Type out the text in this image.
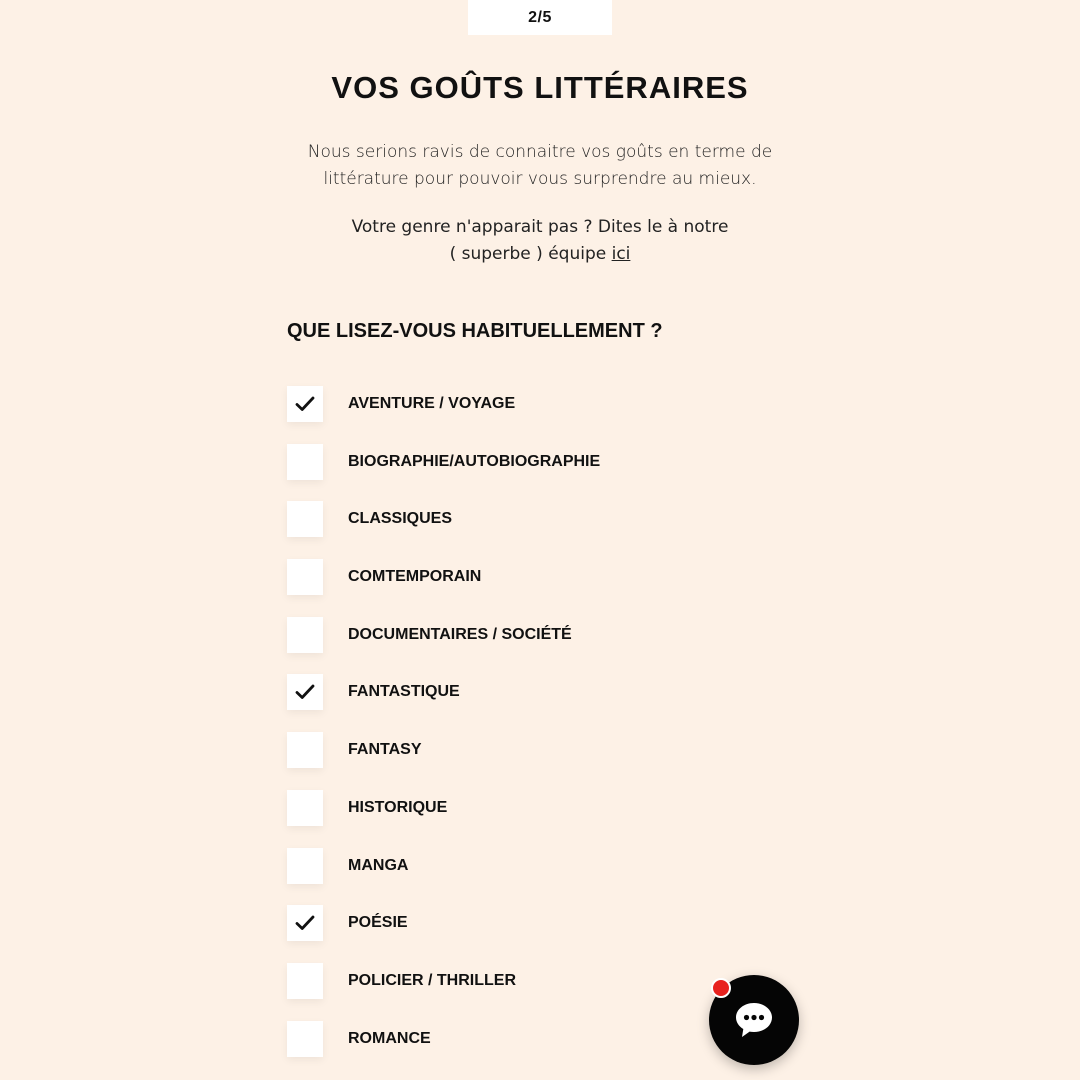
2/5
VOS GOÛTS LITTÉRAIRES

Nous serions ravis de connaitre vos goûts en terme de littérature pour pouvoir vous surprendre au mieux.

Votre genre n'apparait pas ? Dites le à notre
( superbe ) équipe ici

QUE LISEZ-VOUS HABITUELLEMENT ?
AVENTURE / VOYAGE
BIOGRAPHIE/AUTOBIOGRAPHIE
CLASSIQUES
COMTEMPORAIN
DOCUMENTAIRES / SOCIÉTÉ
FANTASTIQUE
FANTASY
HISTORIQUE
MANGA
POÉSIE
POLICIER / THRILLER
ROMANCE
